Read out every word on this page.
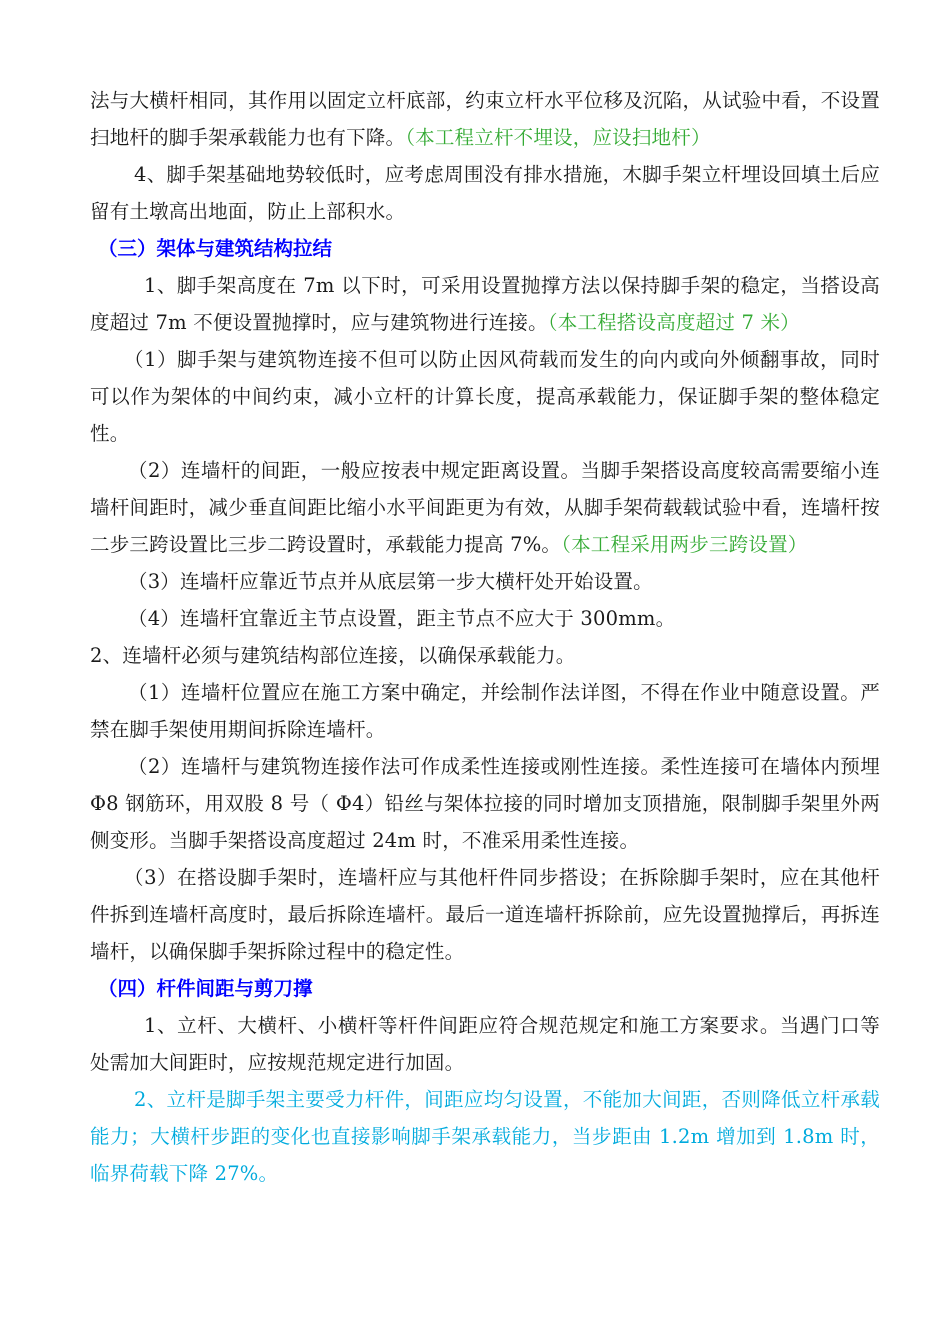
法与大横杆相同，其作用以固定立杆底部，约束立杆水平位移及沉陷，从试验中看，不设置扫地杆的脚手架承载能力也有下降。（本工程立杆不埋设，应设扫地杆）

4、脚手架基础地势较低时，应考虑周围没有排水措施，木脚手架立杆埋设回填土后应留有土墩高出地面，防止上部积水。

（三）架体与建筑结构拉结

1、脚手架高度在 7m 以下时，可采用设置抛撑方法以保持脚手架的稳定，当搭设高度超过 7m 不便设置抛撑时，应与建筑物进行连接。（本工程搭设高度超过 7 米）

（1）脚手架与建筑物连接不但可以防止因风荷载而发生的向内或向外倾翻事故，同时可以作为架体的中间约束，减小立杆的计算长度，提高承载能力，保证脚手架的整体稳定性。

（2）连墙杆的间距，一般应按表中规定距离设置。当脚手架搭设高度较高需要缩小连墙杆间距时，减少垂直间距比缩小水平间距更为有效，从脚手架荷载载试验中看，连墙杆按二步三跨设置比三步二跨设置时，承载能力提高 7%。（本工程采用两步三跨设置）

（3）连墙杆应靠近节点并从底层第一步大横杆处开始设置。

（4）连墙杆宜靠近主节点设置，距主节点不应大于 300mm。

2、连墙杆必须与建筑结构部位连接，以确保承载能力。

（1）连墙杆位置应在施工方案中确定，并绘制作法详图，不得在作业中随意设置。严禁在脚手架使用期间拆除连墙杆。

（2）连墙杆与建筑物连接作法可作成柔性连接或刚性连接。柔性连接可在墙体内预埋 Φ8 钢筋环，用双股 8 号（ Φ4）铅丝与架体拉接的同时增加支顶措施，限制脚手架里外两侧变形。当脚手架搭设高度超过 24m 时，不准采用柔性连接。

（3）在搭设脚手架时，连墙杆应与其他杆件同步搭设；在拆除脚手架时，应在其他杆件拆到连墙杆高度时，最后拆除连墙杆。最后一道连墙杆拆除前，应先设置抛撑后，再拆连墙杆，以确保脚手架拆除过程中的稳定性。

（四）杆件间距与剪刀撑

1、立杆、大横杆、小横杆等杆件间距应符合规范规定和施工方案要求。当遇门口等处需加大间距时，应按规范规定进行加固。

2、立杆是脚手架主要受力杆件，间距应均匀设置，不能加大间距，否则降低立杆承载能力；大横杆步距的变化也直接影响脚手架承载能力，当步距由 1.2m 增加到 1.8m 时，临界荷载下降 27%。
